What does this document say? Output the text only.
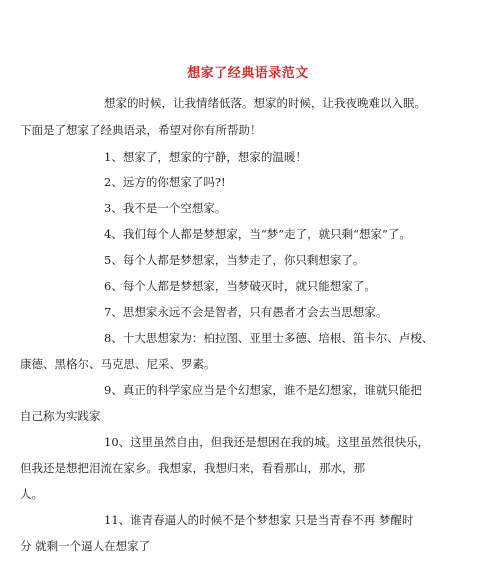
想家了经典语录范文
想家的时候，让我情绪低落。想家的时候，让我夜晚难以入眠。
下面是了想家了经典语录，希望对你有所帮助！
1、想家了，想家的宁静，想家的温暖！
2、远方的你想家了吗?!
3、我不是一个空想家。
4、我们每个人都是梦想家，当“梦”走了，就只剩“想家”了。
5、每个人都是梦想家，当梦走了，你只剩想家了。
6、每个人都是梦想家，当梦破灭时，就只能想家了。
7、思想家永远不会是智者，只有愚者才会去当思想家。
8、十大思想家为：柏拉图、亚里士多德、培根、笛卡尔、卢梭、
康德、黑格尔、马克思、尼采、罗素。
9、真正的科学家应当是个幻想家，谁不是幻想家，谁就只能把
自己称为实践家
10、这里虽然自由，但我还是想困在我的城。这里虽然很快乐，
但我还是想把泪流在家乡。我想家，我想归来，看看那山，那水，那
人。
11、谁青春逼人的时候不是个梦想家 只是当青春不再 梦醒时
分 就剩一个逼人在想家了
